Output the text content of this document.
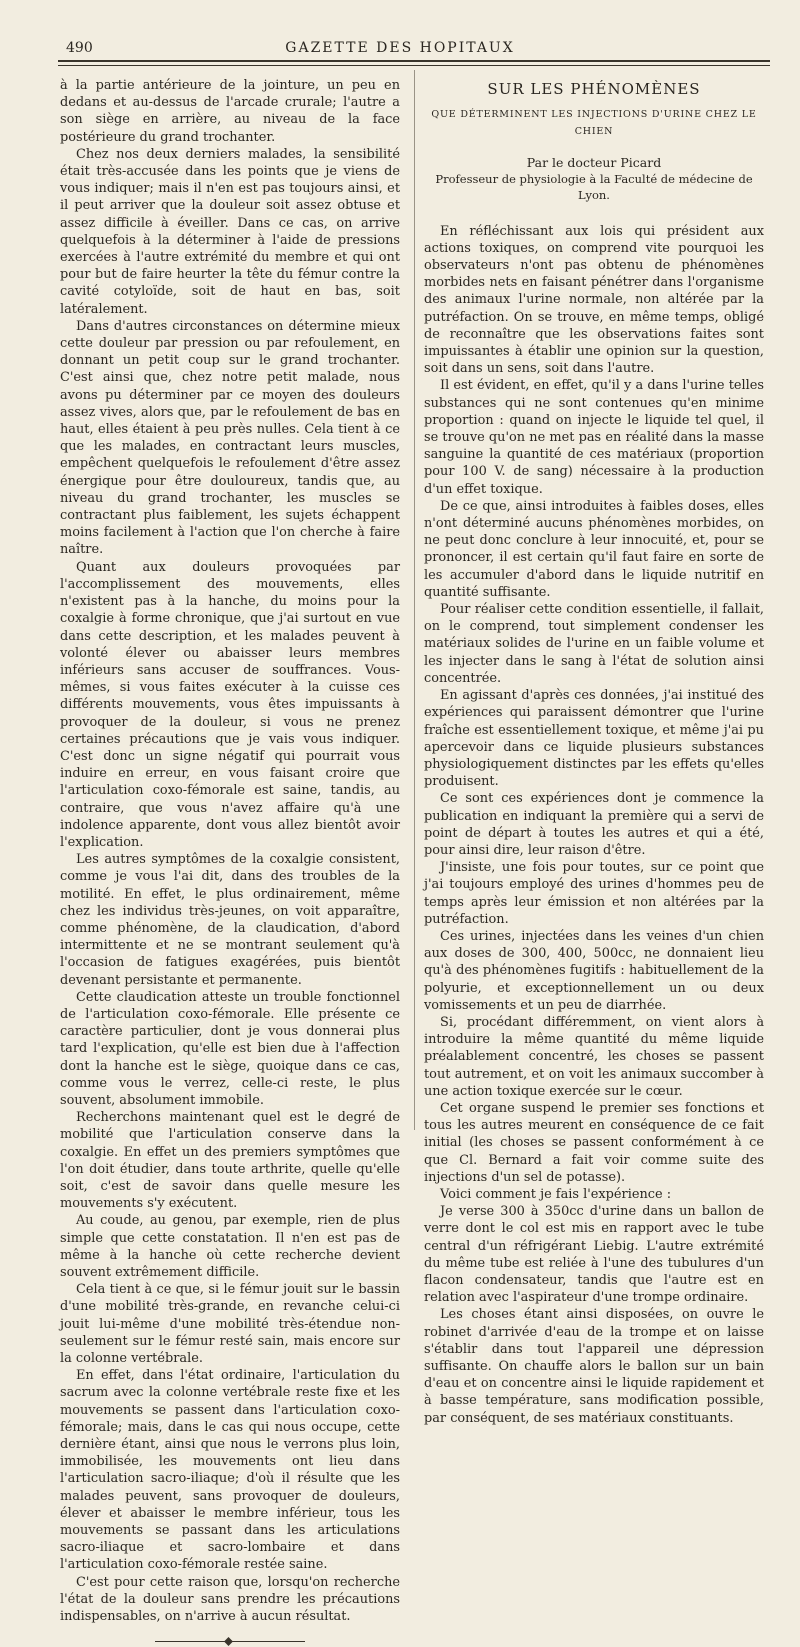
490	GAZETTE DES HOPITAUX

à la partie antérieure de la jointure, un peu en dedans et au-dessus de l'arcade crurale; l'autre a son siège en arrière, au niveau de la face postérieure du grand trochanter.

Chez nos deux derniers malades, la sensibilité était très-accusée dans les points que je viens de vous indiquer; mais il n'en est pas toujours ainsi, et il peut arriver que la douleur soit assez obtuse et assez difficile à éveiller. Dans ce cas, on arrive quelquefois à la déterminer à l'aide de pressions exercées à l'autre extrémité du membre et qui ont pour but de faire heurter la tête du fémur contre la cavité cotyloïde, soit de haut en bas, soit latéralement.

Dans d'autres circonstances on détermine mieux cette douleur par pression ou par refoulement, en donnant un petit coup sur le grand trochanter. C'est ainsi que, chez notre petit malade, nous avons pu déterminer par ce moyen des douleurs assez vives, alors que, par le refoulement de bas en haut, elles étaient à peu près nulles. Cela tient à ce que les malades, en contractant leurs muscles, empêchent quelquefois le refoulement d'être assez énergique pour être douloureux, tandis que, au niveau du grand trochanter, les muscles se contractant plus faiblement, les sujets échappent moins facilement à l'action que l'on cherche à faire naître.

Quant aux douleurs provoquées par l'accomplissement des mouvements, elles n'existent pas à la hanche, du moins pour la coxalgie à forme chronique, que j'ai surtout en vue dans cette description, et les malades peuvent à volonté élever ou abaisser leurs membres inférieurs sans accuser de souffrances. Vous-mêmes, si vous faites exécuter à la cuisse ces différents mouvements, vous êtes impuissants à provoquer de la douleur, si vous ne prenez certaines précautions que je vais vous indiquer. C'est donc un signe négatif qui pourrait vous induire en erreur, en vous faisant croire que l'articulation coxo-fémorale est saine, tandis, au contraire, que vous n'avez affaire qu'à une indolence apparente, dont vous allez bientôt avoir l'explication.

Les autres symptômes de la coxalgie consistent, comme je vous l'ai dit, dans des troubles de la motilité. En effet, le plus ordinairement, même chez les individus très-jeunes, on voit apparaître, comme phénomène, de la claudication, d'abord intermittente et ne se montrant seulement qu'à l'occasion de fatigues exagérées, puis bientôt devenant persistante et permanente.

Cette claudication atteste un trouble fonctionnel de l'articulation coxo-fémorale. Elle présente ce caractère particulier, dont je vous donnerai plus tard l'explication, qu'elle est bien due à l'affection dont la hanche est le siège, quoique dans ce cas, comme vous le verrez, celle-ci reste, le plus souvent, absolument immobile.

Recherchons maintenant quel est le degré de mobilité que l'articulation conserve dans la coxalgie. En effet un des premiers symptômes que l'on doit étudier, dans toute arthrite, quelle qu'elle soit, c'est de savoir dans quelle mesure les mouvements s'y exécutent.

Au coude, au genou, par exemple, rien de plus simple que cette constatation. Il n'en est pas de même à la hanche où cette recherche devient souvent extrêmement difficile.

Cela tient à ce que, si le fémur jouit sur le bassin d'une mobilité très-grande, en revanche celui-ci jouit lui-même d'une mobilité très-étendue non-seulement sur le fémur resté sain, mais encore sur la colonne vertébrale.

En effet, dans l'état ordinaire, l'articulation du sacrum avec la colonne vertébrale reste fixe et les mouvements se passent dans l'articulation coxo-fémorale; mais, dans le cas qui nous occupe, cette dernière étant, ainsi que nous le verrons plus loin, immobilisée, les mouvements ont lieu dans l'articulation sacro-iliaque; d'où il résulte que les malades peuvent, sans provoquer de douleurs, élever et abaisser le membre inférieur, tous les mouvements se passant dans les articulations sacro-iliaque et sacro-lombaire et dans l'articulation coxo-fémorale restée saine.

C'est pour cette raison que, lorsqu'on recherche l'état de la douleur sans prendre les précautions indispensables, on n'arrive à aucun résultat.

SUR LES PHÉNOMÈNES
QUE DÉTERMINENT LES INJECTIONS D'URINE CHEZ LE CHIEN
Par le docteur Picard
Professeur de physiologie à la Faculté de médecine de Lyon.

En réfléchissant aux lois qui président aux actions toxiques, on comprend vite pourquoi les observateurs n'ont pas obtenu de phénomènes morbides nets en faisant pénétrer dans l'organisme des animaux l'urine normale, non altérée par la putréfaction. On se trouve, en même temps, obligé de reconnaître que les observations faites sont impuissantes à établir une opinion sur la question, soit dans un sens, soit dans l'autre.

Il est évident, en effet, qu'il y a dans l'urine telles substances qui ne sont contenues qu'en minime proportion : quand on injecte le liquide tel quel, il se trouve qu'on ne met pas en réalité dans la masse sanguine la quantité de ces matériaux (proportion pour 100 V. de sang) nécessaire à la production d'un effet toxique.

De ce que, ainsi introduites à faibles doses, elles n'ont déterminé aucuns phénomènes morbides, on ne peut donc conclure à leur innocuité, et, pour se prononcer, il est certain qu'il faut faire en sorte de les accumuler d'abord dans le liquide nutritif en quantité suffisante.

Pour réaliser cette condition essentielle, il fallait, on le comprend, tout simplement condenser les matériaux solides de l'urine en un faible volume et les injecter dans le sang à l'état de solution ainsi concentrée.

En agissant d'après ces données, j'ai institué des expériences qui paraissent démontrer que l'urine fraîche est essentiellement toxique, et même j'ai pu apercevoir dans ce liquide plusieurs substances physiologiquement distinctes par les effets qu'elles produisent.

Ce sont ces expériences dont je commence la publication en indiquant la première qui a servi de point de départ à toutes les autres et qui a été, pour ainsi dire, leur raison d'être.

J'insiste, une fois pour toutes, sur ce point que j'ai toujours employé des urines d'hommes peu de temps après leur émission et non altérées par la putréfaction.

Ces urines, injectées dans les veines d'un chien aux doses de 300, 400, 500cc, ne donnaient lieu qu'à des phénomènes fugitifs : habituellement de la polyurie, et exceptionnellement un ou deux vomissements et un peu de diarrhée.

Si, procédant différemment, on vient alors à introduire la même quantité du même liquide préalablement concentré, les choses se passent tout autrement, et on voit les animaux succomber à une action toxique exercée sur le cœur.

Cet organe suspend le premier ses fonctions et tous les autres meurent en conséquence de ce fait initial (les choses se passent conformément à ce que Cl. Bernard a fait voir comme suite des injections d'un sel de potasse).

Voici comment je fais l'expérience :

Je verse 300 à 350cc d'urine dans un ballon de verre dont le col est mis en rapport avec le tube central d'un réfrigérant Liebig. L'autre extrémité du même tube est reliée à l'une des tubulures d'un flacon condensateur, tandis que l'autre est en relation avec l'aspirateur d'une trompe ordinaire.

Les choses étant ainsi disposées, on ouvre le robinet d'arrivée d'eau de la trompe et on laisse s'établir dans tout l'appareil une dépression suffisante. On chauffe alors le ballon sur un bain d'eau et on concentre ainsi le liquide rapidement et à basse température, sans modification possible, par conséquent, de ses matériaux constituants.
